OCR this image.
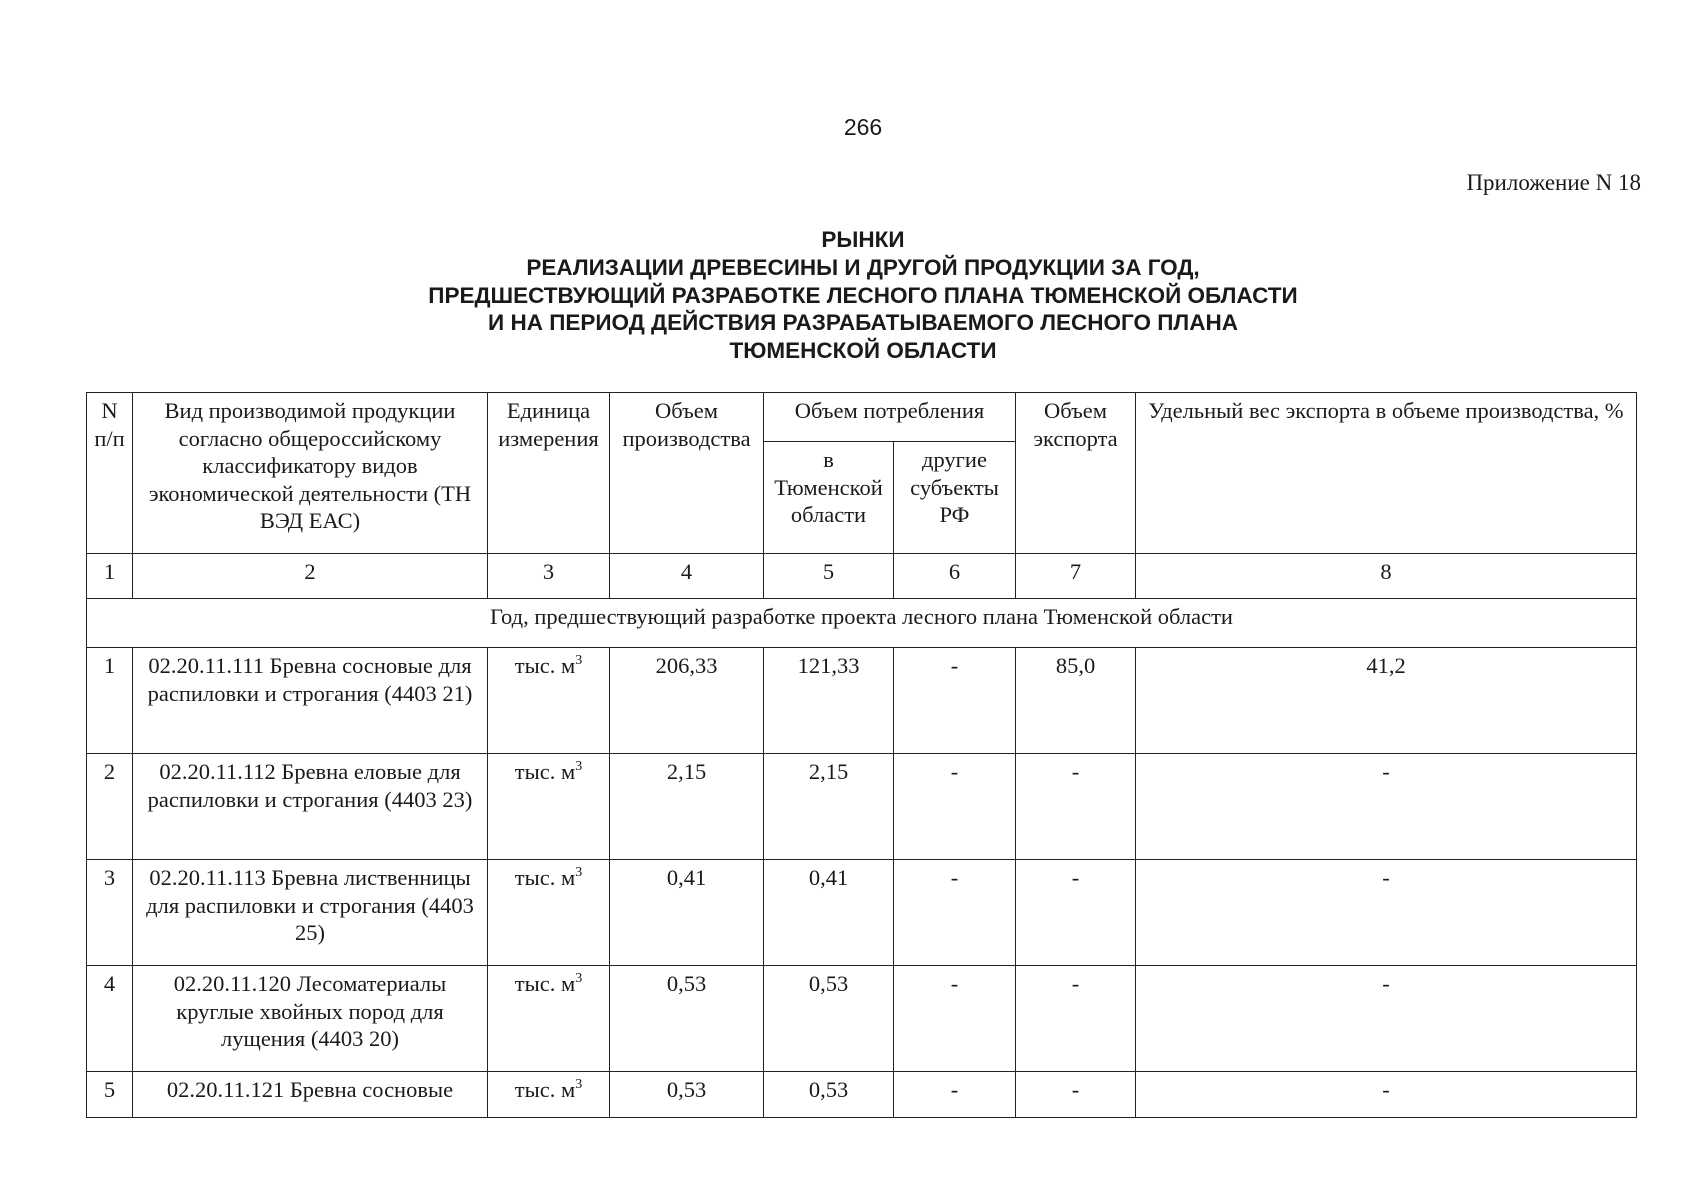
266
Приложение N 18
РЫНКИ
РЕАЛИЗАЦИИ ДРЕВЕСИНЫ И ДРУГОЙ ПРОДУКЦИИ ЗА ГОД,
ПРЕДШЕСТВУЮЩИЙ РАЗРАБОТКЕ ЛЕСНОГО ПЛАНА ТЮМЕНСКОЙ ОБЛАСТИ
И НА ПЕРИОД ДЕЙСТВИЯ РАЗРАБАТЫВАЕМОГО ЛЕСНОГО ПЛАНА
ТЮМЕНСКОЙ ОБЛАСТИ
N п/п	Вид производимой продукции согласно общероссийскому классификатору видов экономической деятельности (ТН ВЭД ЕАС)	Единица измерения	Объем производства	Объем потребления		Объем экспорта	Удельный вес экспорта в объеме производства, %
				в Тюменской области	другие субъекты РФ		
1	2	3	4	5	6	7	8
Год, предшествующий разработке проекта лесного плана Тюменской области							
1	02.20.11.111 Бревна сосновые для распиловки и строгания (4403 21)	тыс. $м^3$	206,33	121,33	-	85,0	41,2
2	02.20.11.112 Бревна еловые для распиловки и строгания (4403 23)	тыс. $м^3$	2,15	2,15	-	-	-
3	02.20.11.113 Бревна лиственницы для распиловки и строгания (4403 25)	тыс. $м^3$	0,41	0,41	-	-	-
4	02.20.11.120 Лесоматериалы круглые хвойных пород для лущения (4403 20)	тыс. $м^3$	0,53	0,53	-	-	-
5	02.20.11.121 Бревна сосновые	тыс. $м^3$	0,53	0,53	-	-	-
